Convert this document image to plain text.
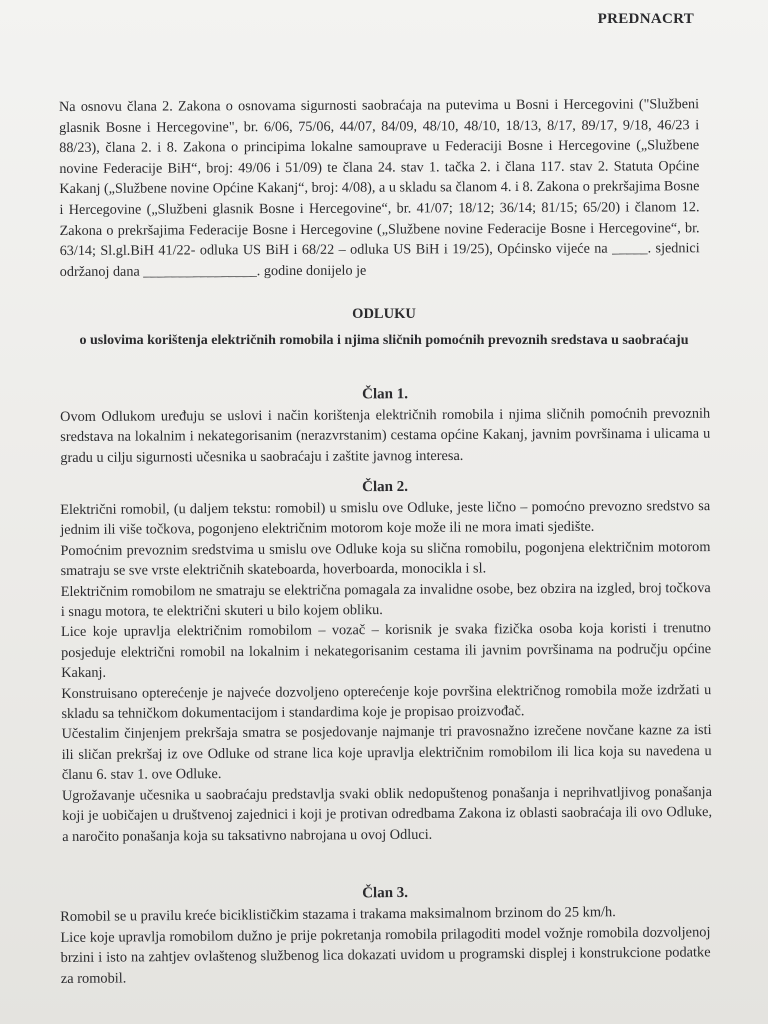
PREDNACRT

Na osnovu člana 2. Zakona o osnovama sigurnosti saobraćaja na putevima u Bosni i Hercegovini ("Službeni glasnik Bosne i Hercegovine", br. 6/06, 75/06, 44/07, 84/09, 48/10, 48/10, 18/13, 8/17, 89/17, 9/18, 46/23 i 88/23), člana 2. i 8. Zakona o principima lokalne samouprave u Federaciji Bosne i Hercegovine („Službene novine Federacije BiH“, broj: 49/06 i 51/09) te člana 24. stav 1. tačka 2. i člana 117. stav 2. Statuta Općine Kakanj („Službene novine Općine Kakanj“, broj: 4/08), a u skladu sa članom 4. i 8. Zakona o prekršajima Bosne i Hercegovine („Službeni glasnik Bosne i Hercegovine“, br. 41/07; 18/12; 36/14; 81/15; 65/20) i članom 12. Zakona o prekršajima Federacije Bosne i Hercegovine („Službene novine Federacije Bosne i Hercegovine“, br. 63/14; Sl.gl.BiH 41/22- odluka US BiH i 68/22 – odluka US BiH i 19/25), Općinsko vijeće na _____. sjednici održanoj dana ________________. godine donijelo je

ODLUKU

o uslovima korištenja električnih romobila i njima sličnih pomoćnih prevoznih sredstava u saobraćaju

Član 1.

Ovom Odlukom uređuju se uslovi i način korištenja električnih romobila i njima sličnih pomoćnih prevoznih sredstava na lokalnim i nekategorisanim (nerazvrstanim) cestama općine Kakanj, javnim površinama i ulicama u gradu u cilju sigurnosti učesnika u saobraćaju i zaštite javnog interesa.

Član 2.

Električni romobil, (u daljem tekstu: romobil) u smislu ove Odluke, jeste lično – pomoćno prevozno sredstvo sa jednim ili više točkova, pogonjeno električnim motorom koje može ili ne mora imati sjedište.

Pomoćnim prevoznim sredstvima u smislu ove Odluke koja su slična romobilu, pogonjena električnim motorom smatraju se sve vrste električnih skateboarda, hoverboarda, monocikla i sl.

Električnim romobilom ne smatraju se električna pomagala za invalidne osobe, bez obzira na izgled, broj točkova i snagu motora, te električni skuteri u bilo kojem obliku.

Lice koje upravlja električnim romobilom – vozač – korisnik je svaka fizička osoba koja koristi i trenutno posjeduje električni romobil na lokalnim i nekategorisanim cestama ili javnim površinama na području općine Kakanj.

Konstruisano opterećenje je najveće dozvoljeno opterećenje koje površina električnog romobila može izdržati u skladu sa tehničkom dokumentacijom i standardima koje je propisao proizvođač.

Učestalim činjenjem prekršaja smatra se posjedovanje najmanje tri pravosnažno izrečene novčane kazne za isti ili sličan prekršaj iz ove Odluke od strane lica koje upravlja električnim romobilom ili lica koja su navedena u članu 6. stav 1. ove Odluke.

Ugrožavanje učesnika u saobraćaju predstavlja svaki oblik nedopuštenog ponašanja i neprihvatljivog ponašanja koji je uobičajen u društvenoj zajednici i koji je protivan odredbama Zakona iz oblasti saobraćaja ili ovo Odluke, a naročito ponašanja koja su taksativno nabrojana u ovoj Odluci.

Član 3.

Romobil se u pravilu kreće biciklističkim stazama i trakama maksimalnom brzinom do 25 km/h.

Lice koje upravlja romobilom dužno je prije pokretanja romobila prilagoditi model vožnje romobila dozvoljenoj brzini i isto na zahtjev ovlaštenog službenog lica dokazati uvidom u programski displej i konstrukcione podatke za romobil.
